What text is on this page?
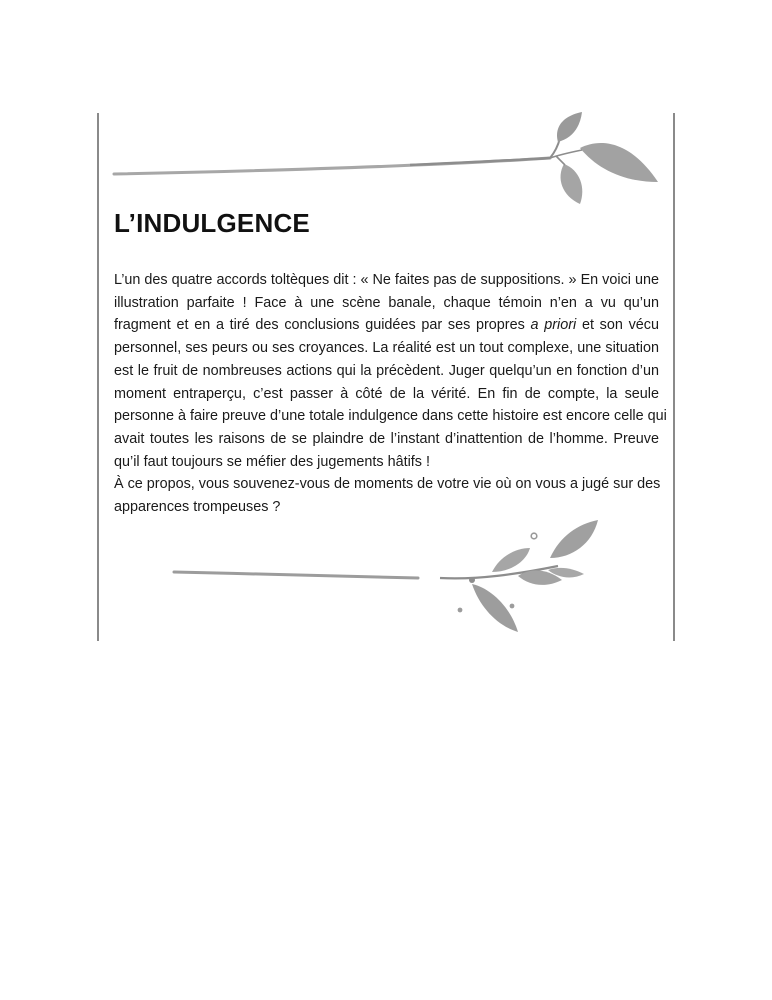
L’INDULGENCE

L’un des quatre accords toltèques dit : « Ne faites pas de suppositions. » En voici une
illustration parfaite ! Face à une scène banale, chaque témoin n’en a vu qu’un
fragment et en a tiré des conclusions guidées par ses propres a priori et son vécu
personnel, ses peurs ou ses croyances. La réalité est un tout complexe, une situation
est le fruit de nombreuses actions qui la précèdent. Juger quelqu’un en fonction d’un
moment entraperçu, c’est passer à côté de la vérité. En fin de compte, la seule
personne à faire preuve d’une totale indulgence dans cette histoire est encore celle qui
avait toutes les raisons de se plaindre de l’instant d’inattention de l’homme. Preuve
qu’il faut toujours se méfier des jugements hâtifs !

À ce propos, vous souvenez-vous de moments de votre vie où on vous a jugé sur des
apparences trompeuses ?
